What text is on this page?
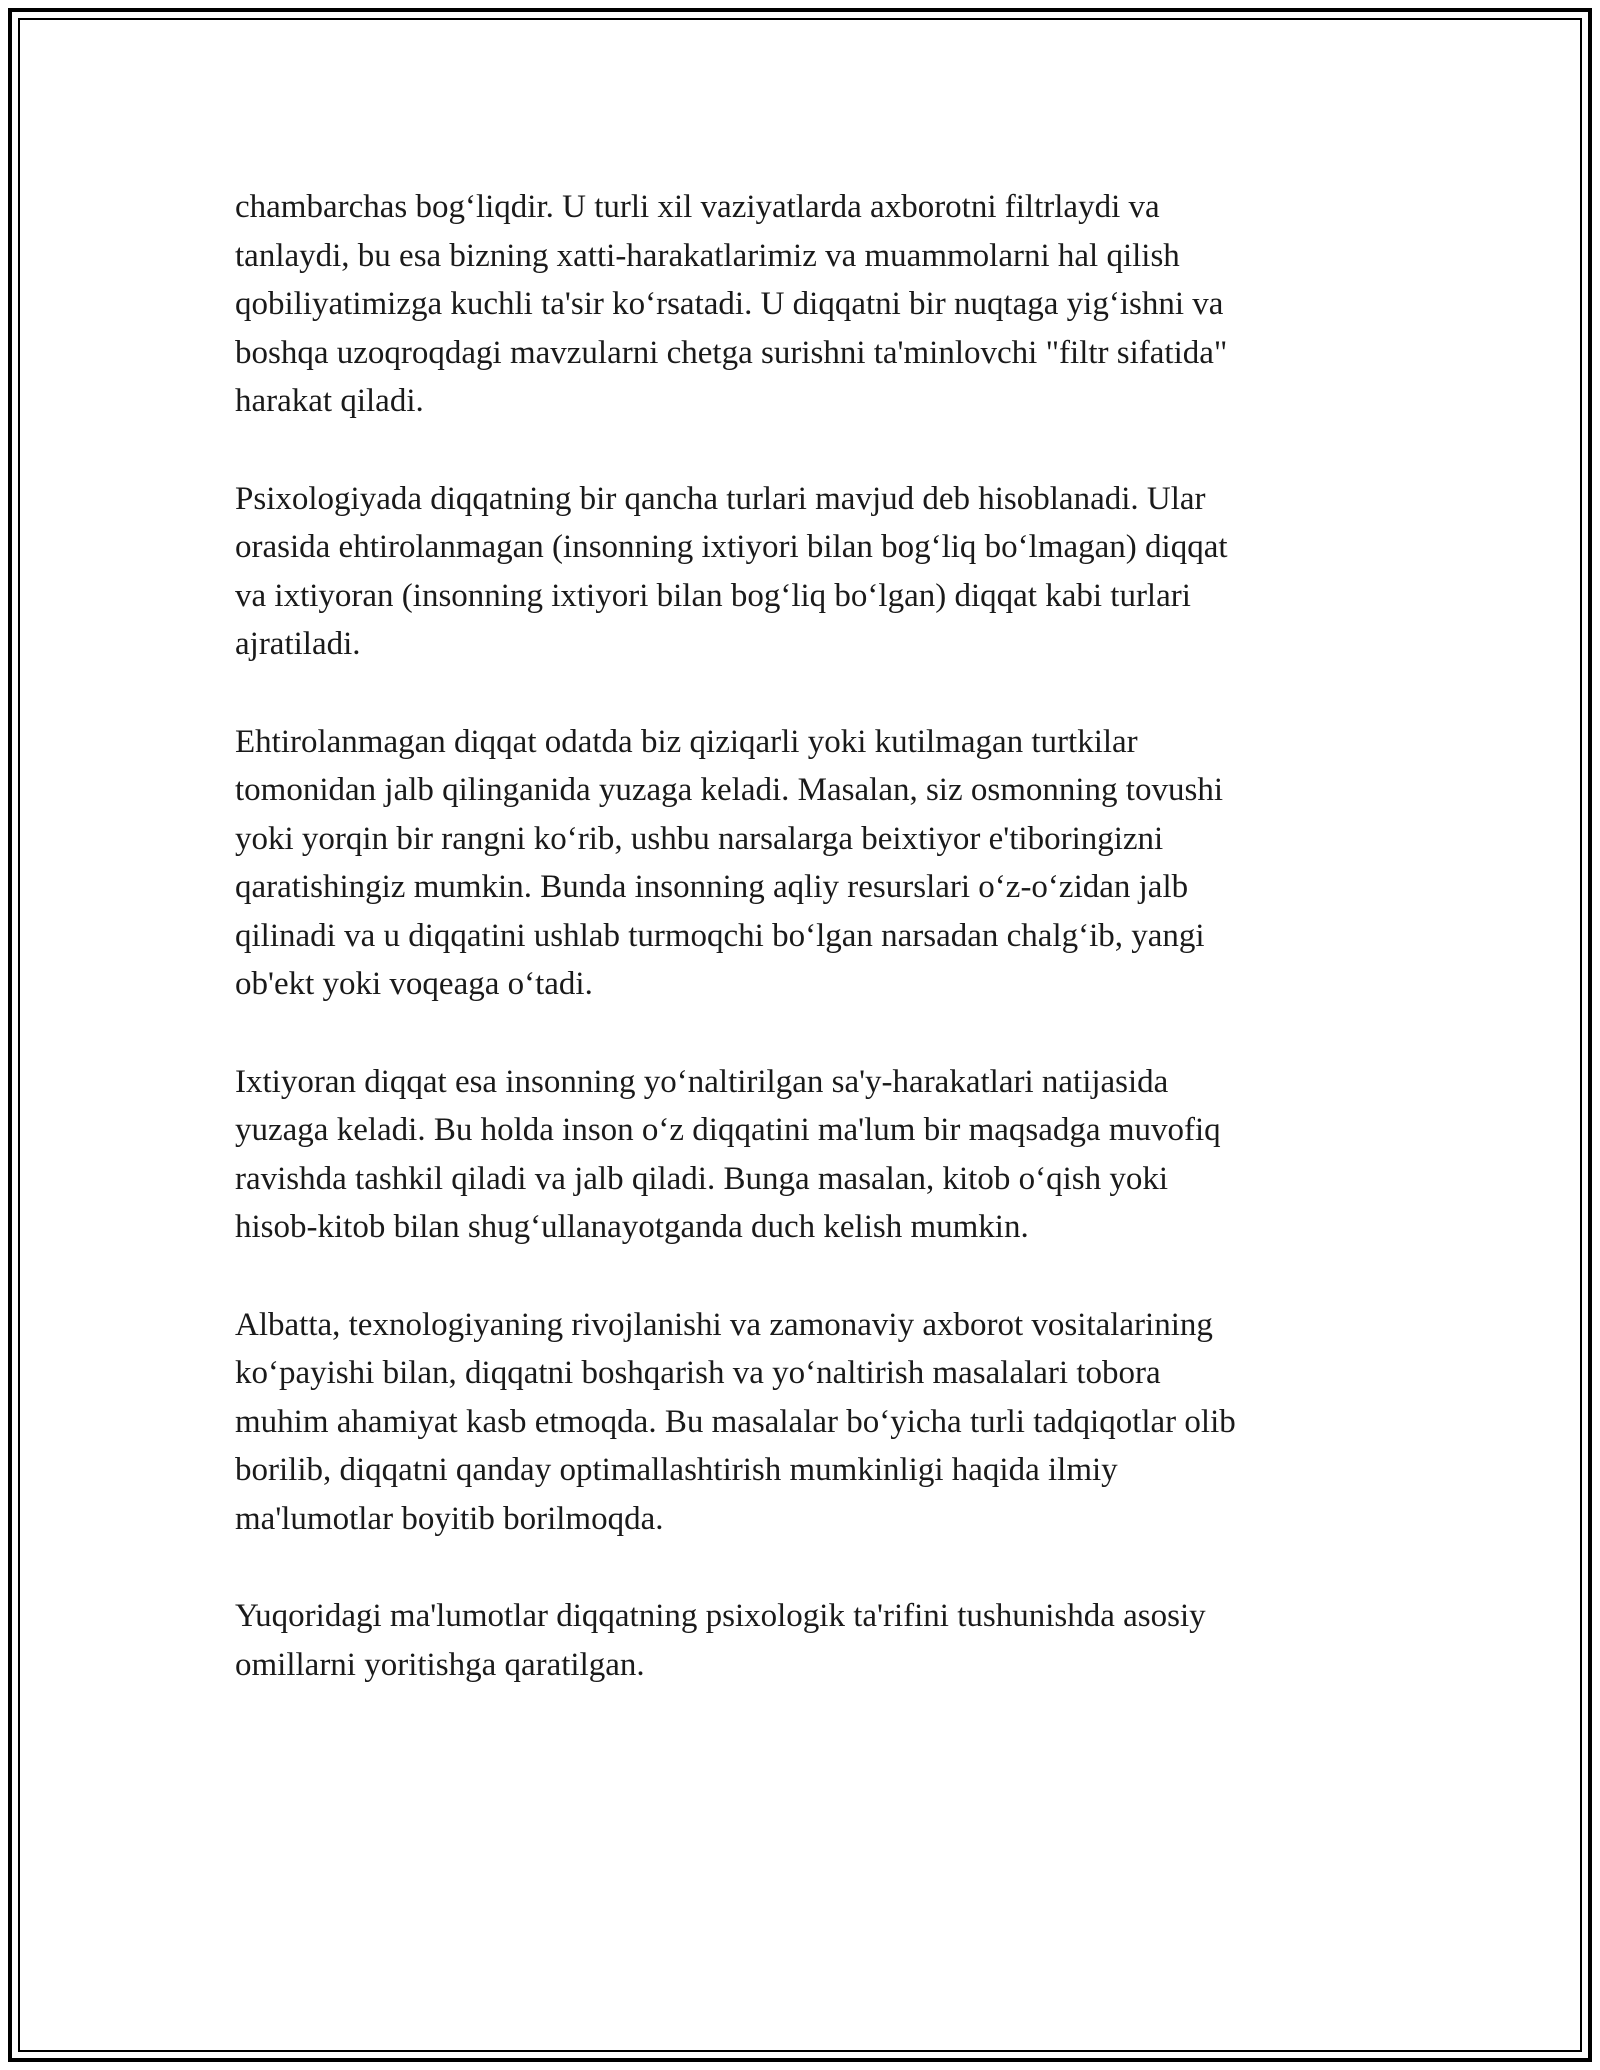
chambarchas bog‘liqdir. U turli xil vaziyatlarda axborotni filtrlaydi va
tanlaydi, bu esa bizning xatti-harakatlarimiz va muammolarni hal qilish
qobiliyatimizga kuchli ta'sir ko‘rsatadi. U diqqatni bir nuqtaga yig‘ishni va
boshqa uzoqroqdagi mavzularni chetga surishni ta'minlovchi "filtr sifatida"
harakat qiladi.

Psixologiyada diqqatning bir qancha turlari mavjud deb hisoblanadi. Ular
orasida ehtirolanmagan (insonning ixtiyori bilan bog‘liq bo‘lmagan) diqqat
va ixtiyoran (insonning ixtiyori bilan bog‘liq bo‘lgan) diqqat kabi turlari
ajratiladi.

Ehtirolanmagan diqqat odatda biz qiziqarli yoki kutilmagan turtkilar
tomonidan jalb qilinganida yuzaga keladi. Masalan, siz osmonning tovushi
yoki yorqin bir rangni ko‘rib, ushbu narsalarga beixtiyor e'tiboringizni
qaratishingiz mumkin. Bunda insonning aqliy resurslari o‘z-o‘zidan jalb
qilinadi va u diqqatini ushlab turmoqchi bo‘lgan narsadan chalg‘ib, yangi
ob'ekt yoki voqeaga o‘tadi.

Ixtiyoran diqqat esa insonning yo‘naltirilgan sa'y-harakatlari natijasida
yuzaga keladi. Bu holda inson o‘z diqqatini ma'lum bir maqsadga muvofiq
ravishda tashkil qiladi va jalb qiladi. Bunga masalan, kitob o‘qish yoki
hisob-kitob bilan shug‘ullanayotganda duch kelish mumkin.

Albatta, texnologiyaning rivojlanishi va zamonaviy axborot vositalarining
ko‘payishi bilan, diqqatni boshqarish va yo‘naltirish masalalari tobora
muhim ahamiyat kasb etmoqda. Bu masalalar bo‘yicha turli tadqiqotlar olib
borilib, diqqatni qanday optimallashtirish mumkinligi haqida ilmiy
ma'lumotlar boyitib borilmoqda.

Yuqoridagi ma'lumotlar diqqatning psixologik ta'rifini tushunishda asosiy
omillarni yoritishga qaratilgan.
